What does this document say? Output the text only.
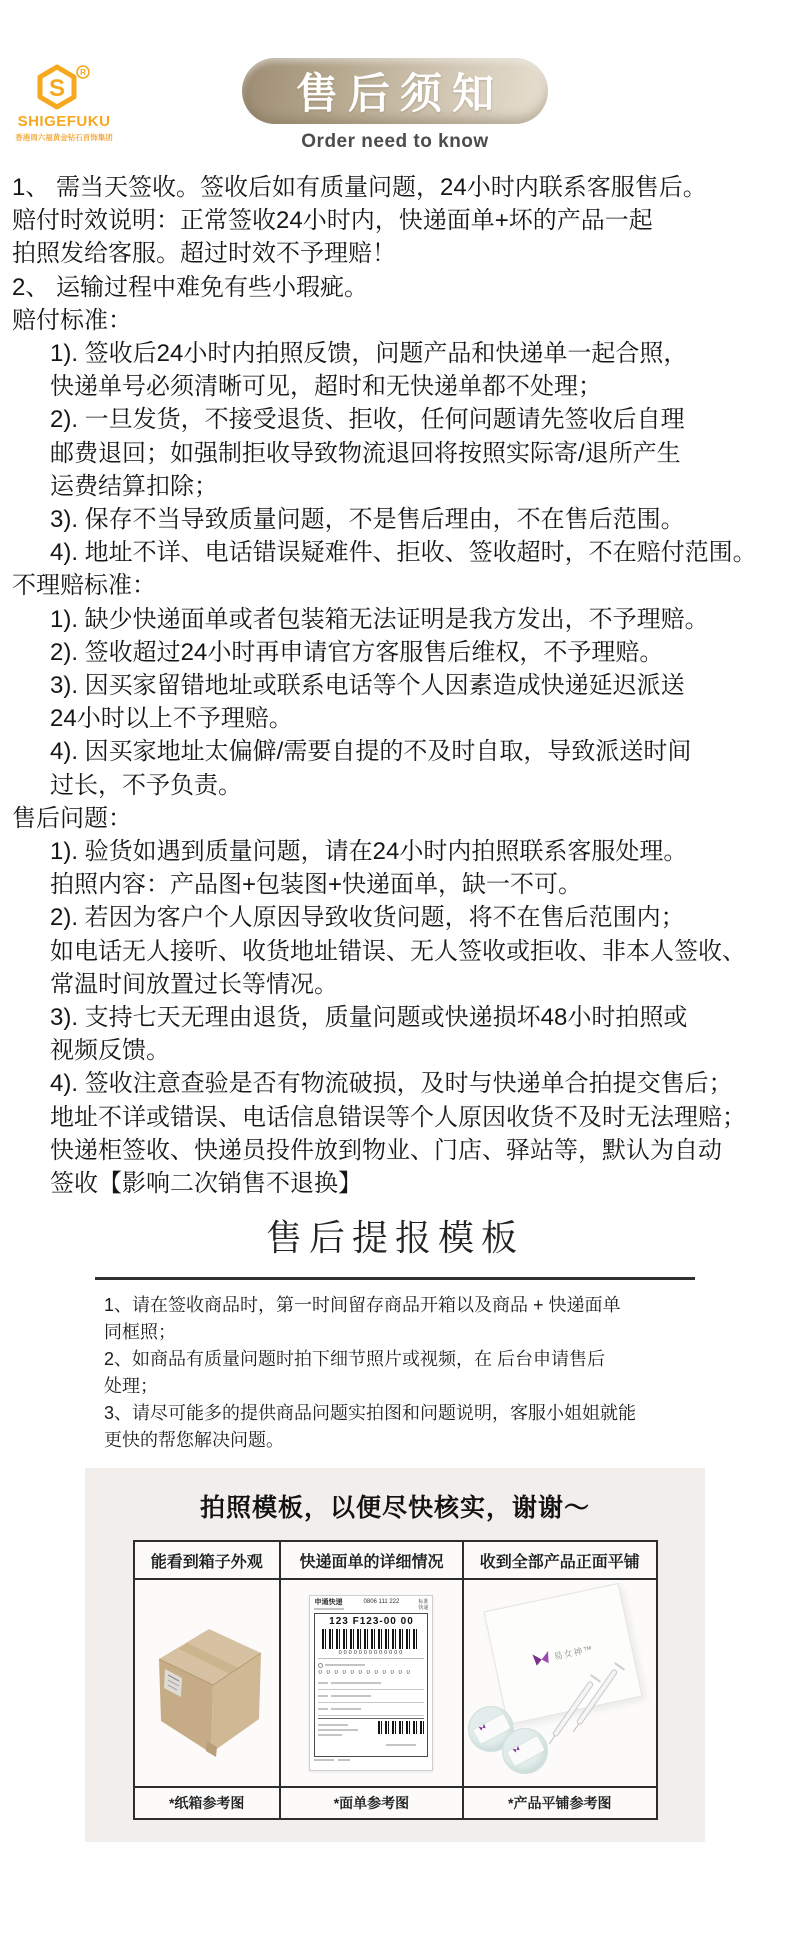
S
R
SHIGEFUKU
香港周六福黄金钻石首饰集团
售后须知
Order need to know
1、 需当天签收。签收后如有质量问题，24小时内联系客服售后。
赔付时效说明：正常签收24小时内，快递面单+坏的产品一起
拍照发给客服。超过时效不予理赔！
2、 运输过程中难免有些小瑕疵。
赔付标准：
1). 签收后24小时内拍照反馈，问题产品和快递单一起合照，
快递单号必须清晰可见，超时和无快递单都不处理；
2). 一旦发货，不接受退货、拒收，任何问题请先签收后自理
邮费退回；如强制拒收导致物流退回将按照实际寄/退所产生
运费结算扣除；
3). 保存不当导致质量问题，不是售后理由，不在售后范围。
4). 地址不详、电话错误疑难件、拒收、签收超时，不在赔付范围。
不理赔标准：
1). 缺少快递面单或者包装箱无法证明是我方发出，不予理赔。
2). 签收超过24小时再申请官方客服售后维权，不予理赔。
3). 因买家留错地址或联系电话等个人因素造成快递延迟派送
24小时以上不予理赔。
4). 因买家地址太偏僻/需要自提的不及时自取，导致派送时间
过长，不予负责。
售后问题：
1). 验货如遇到质量问题，请在24小时内拍照联系客服处理。
拍照内容：产品图+包装图+快递面单，缺一不可。
2). 若因为客户个人原因导致收货问题，将不在售后范围内；
如电话无人接听、收货地址错误、无人签收或拒收、非本人签收、
常温时间放置过长等情况。
3). 支持七天无理由退货，质量问题或快递损坏48小时拍照或
视频反馈。
4). 签收注意查验是否有物流破损，及时与快递单合拍提交售后；
地址不详或错误、电话信息错误等个人原因收货不及时无法理赔；
快递柜签收、快递员投件放到物业、门店、驿站等，默认为自动
签收【影响二次销售不退换】
售后提报模板
1、请在签收商品时，第一时间留存商品开箱以及商品 + 快递面单
同框照；
2、如商品有质量问题时拍下细节照片或视频，在 后台申请售后
处理；
3、请尽可能多的提供商品问题实拍图和问题说明，客服小姐姐就能
更快的帮您解决问题。
拍照模板，以便尽快核实，谢谢～
能看到箱子外观	快递面单的详细情况	收到全部产品正面平铺

申通快递	0806 111 222	标准
快递
123 F123-00 00
0000000000000
0 0 0 0 0 0 0 0 0 0 0 0

易女神™

*纸箱参考图	*面单参考图	*产品平铺参考图
